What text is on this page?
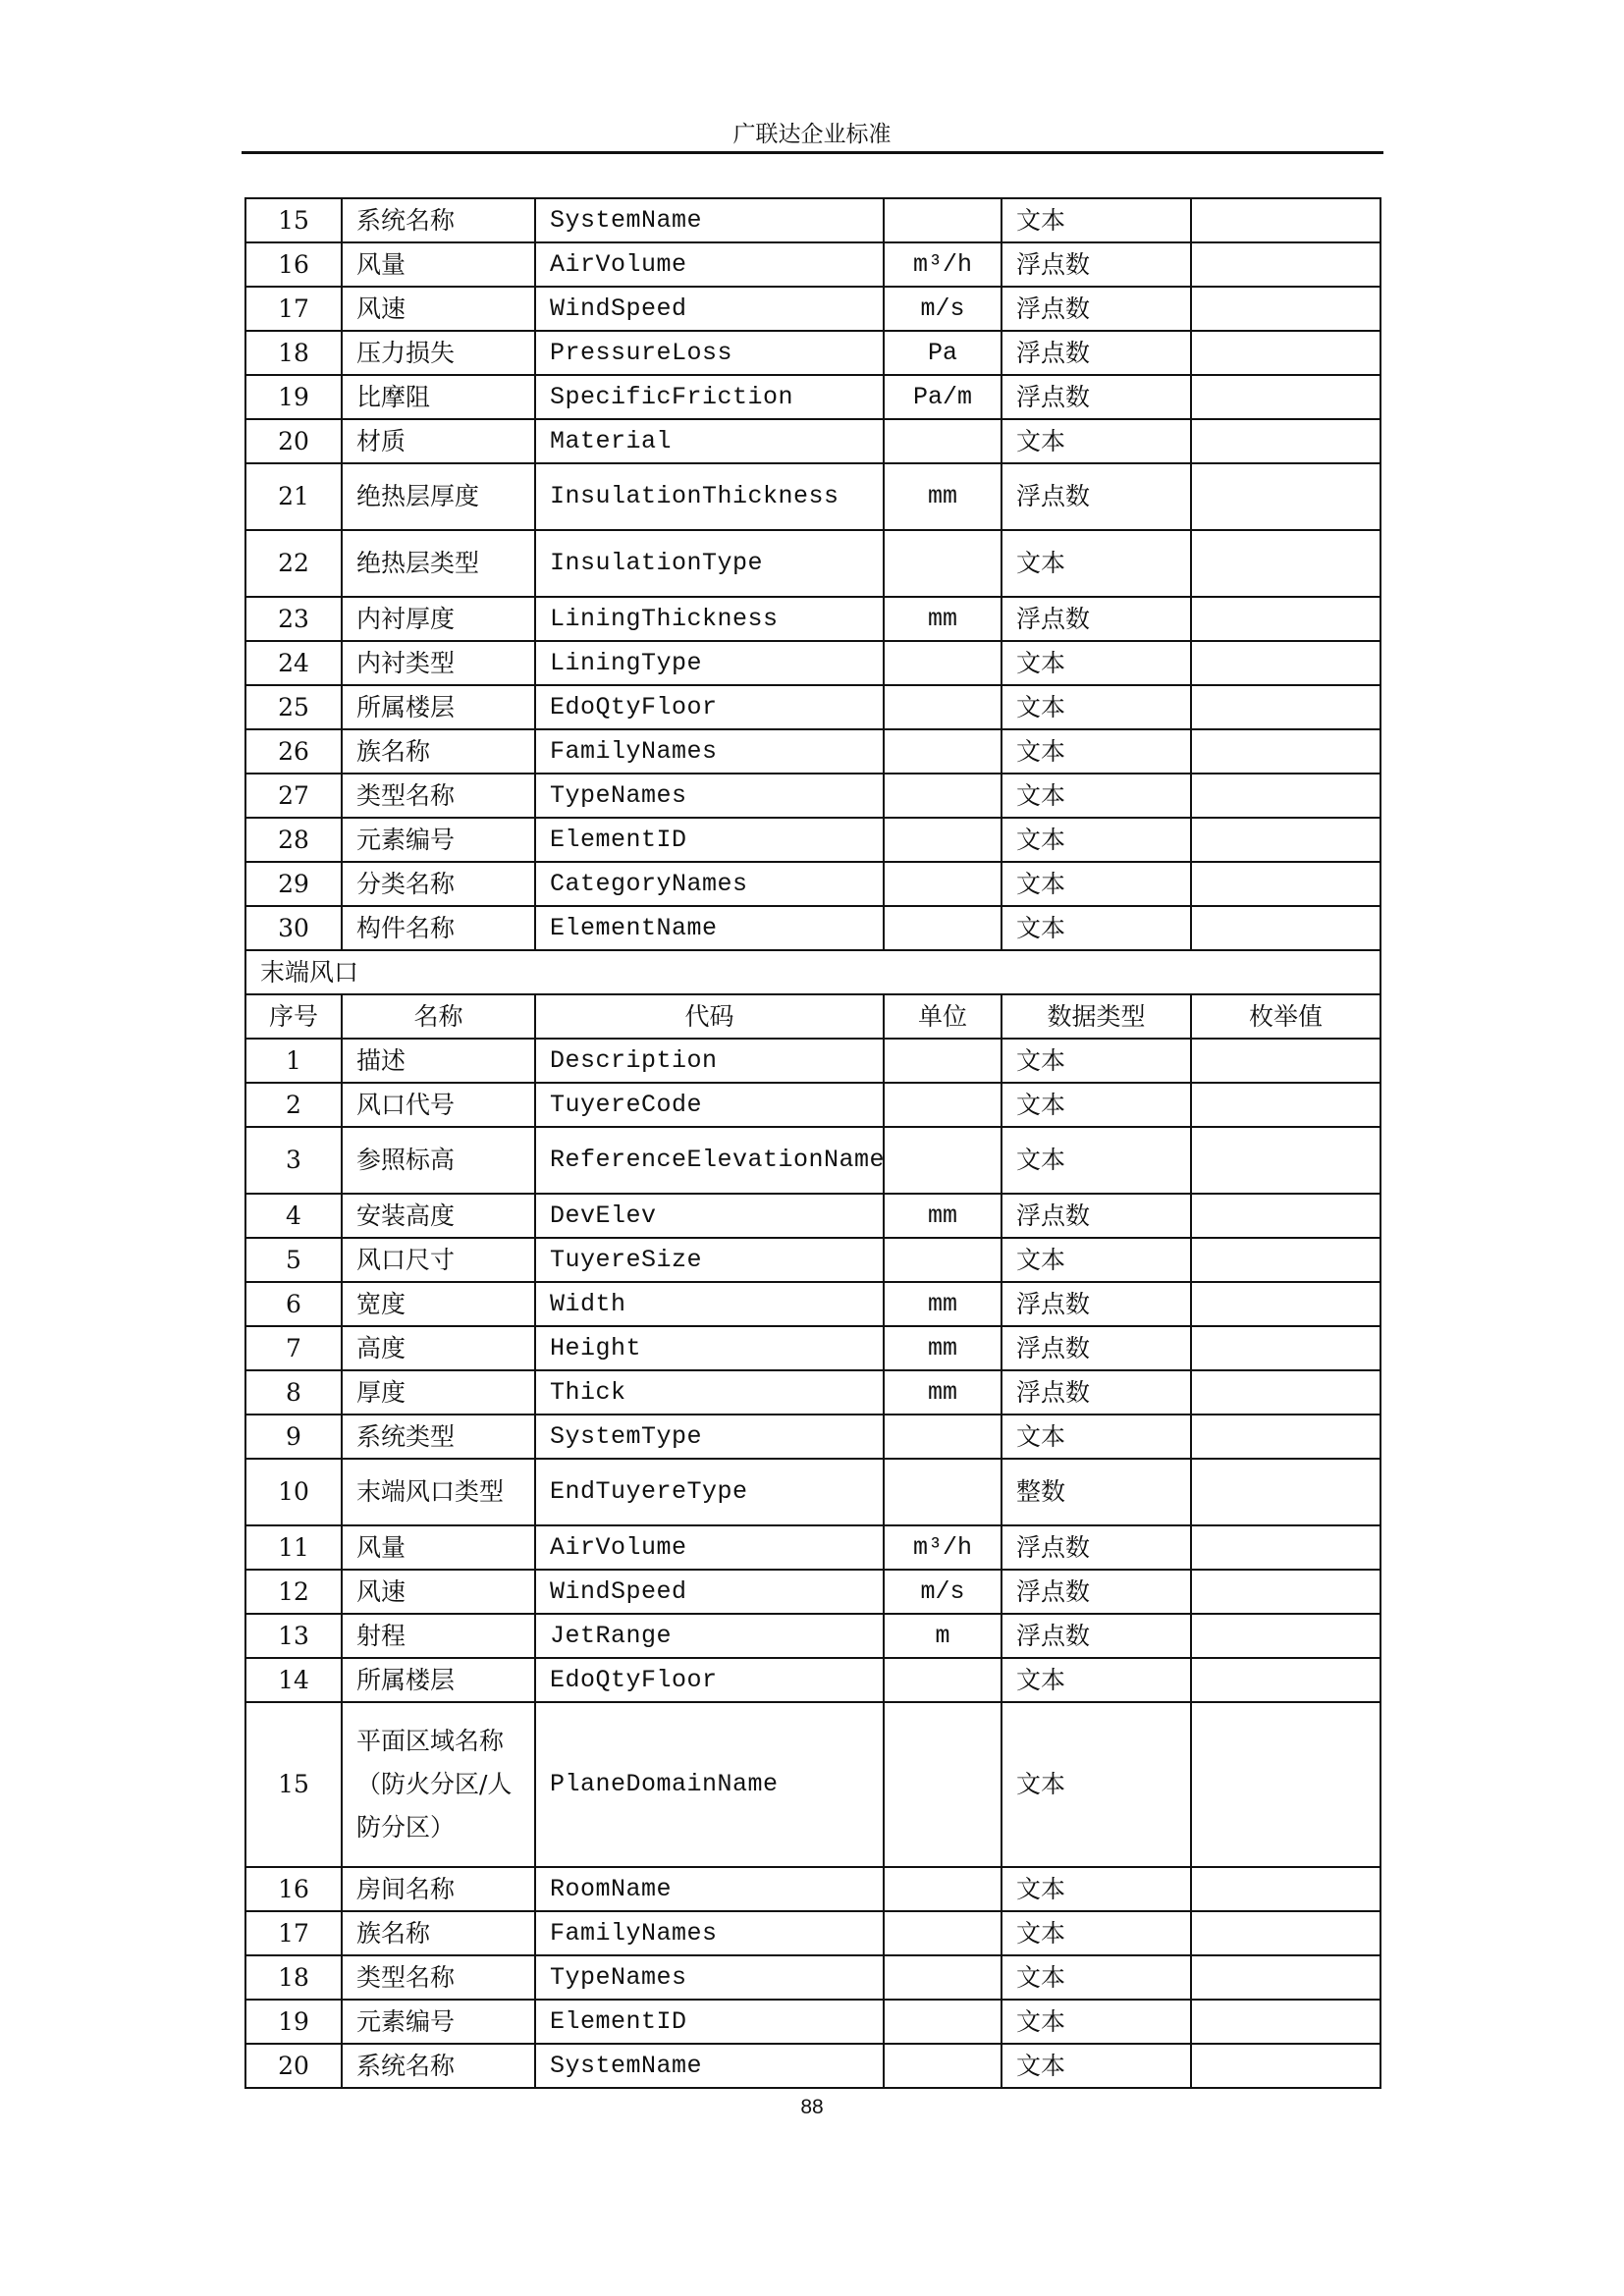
广联达企业标准
15	系统名称	SystemName		文本	
16	风量	AirVolume	m³/h	浮点数	
17	风速	WindSpeed	m/s	浮点数	
18	压力损失	PressureLoss	Pa	浮点数	
19	比摩阻	SpecificFriction	Pa/m	浮点数	
20	材质	Material		文本	
21	绝热层厚度	InsulationThickness	mm	浮点数	
22	绝热层类型	InsulationType		文本	
23	内衬厚度	LiningThickness	mm	浮点数	
24	内衬类型	LiningType		文本	
25	所属楼层	EdoQtyFloor		文本	
26	族名称	FamilyNames		文本	
27	类型名称	TypeNames		文本	
28	元素编号	ElementID		文本	
29	分类名称	CategoryNames		文本	
30	构件名称	ElementName		文本	
末端风口					
序号	名称	代码	单位	数据类型	枚举值
1	描述	Description		文本	
2	风口代号	TuyereCode		文本	
3	参照标高	ReferenceElevationName		文本	
4	安装高度	DevElev	mm	浮点数	
5	风口尺寸	TuyereSize		文本	
6	宽度	Width	mm	浮点数	
7	高度	Height	mm	浮点数	
8	厚度	Thick	mm	浮点数	
9	系统类型	SystemType		文本	
10	末端风口类型	EndTuyereType		整数	
11	风量	AirVolume	m³/h	浮点数	
12	风速	WindSpeed	m/s	浮点数	
13	射程	JetRange	m	浮点数	
14	所属楼层	EdoQtyFloor		文本	
15	平面区域名称（防火分区/人防分区）	PlaneDomainName		文本	
16	房间名称	RoomName		文本	
17	族名称	FamilyNames		文本	
18	类型名称	TypeNames		文本	
19	元素编号	ElementID		文本	
20	系统名称	SystemName		文本	
88
